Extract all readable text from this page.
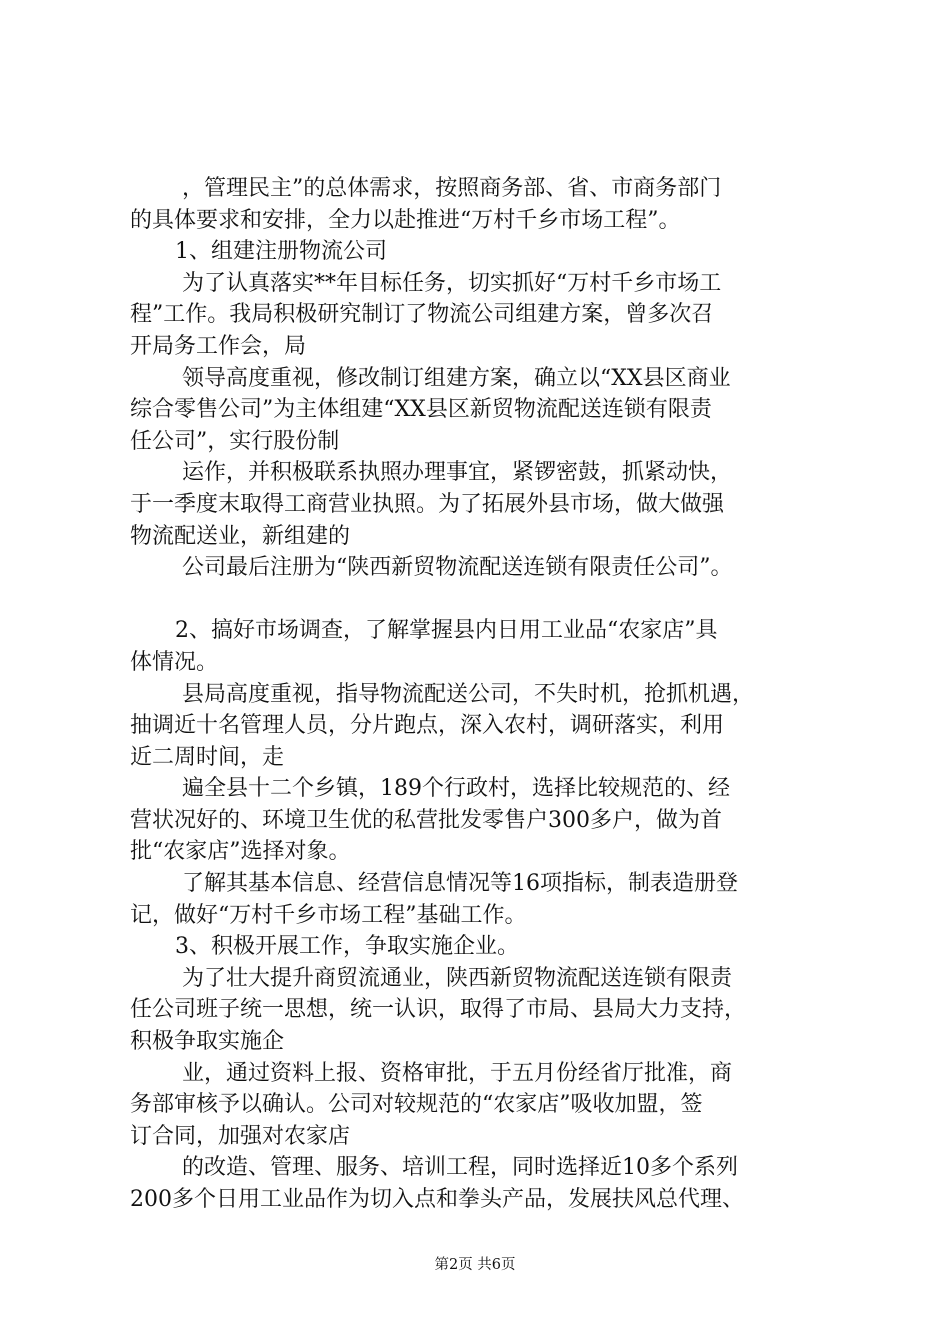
，管理民主”的总体需求，按照商务部、省、市商务部门
的具体要求和安排，全力以赴推进“万村千乡市场工程”。
1、组建注册物流公司
为了认真落实**年目标任务，切实抓好“万村千乡市场工
程”工作。我局积极研究制订了物流公司组建方案，曾多次召
开局务工作会，局
领导高度重视，修改制订组建方案，确立以“XX县区商业
综合零售公司”为主体组建“XX县区新贸物流配送连锁有限责
任公司”，实行股份制
运作，并积极联系执照办理事宜，紧锣密鼓，抓紧动快，
于一季度末取得工商营业执照。为了拓展外县市场，做大做强
物流配送业，新组建的
公司最后注册为“陕西新贸物流配送连锁有限责任公司”。
2、搞好市场调查，了解掌握县内日用工业品“农家店”具
体情况。
县局高度重视，指导物流配送公司，不失时机，抢抓机遇，
抽调近十名管理人员，分片跑点，深入农村，调研落实，利用
近二周时间，走
遍全县十二个乡镇，189个行政村，选择比较规范的、经
营状况好的、环境卫生优的私营批发零售户300多户，做为首
批“农家店”选择对象。
了解其基本信息、经营信息情况等16项指标，制表造册登
记，做好“万村千乡市场工程”基础工作。
3、积极开展工作，争取实施企业。
为了壮大提升商贸流通业，陕西新贸物流配送连锁有限责
任公司班子统一思想，统一认识，取得了市局、县局大力支持，
积极争取实施企
业，通过资料上报、资格审批，于五月份经省厅批准，商
务部审核予以确认。公司对较规范的“农家店”吸收加盟，签
订合同，加强对农家店
的改造、管理、服务、培训工程，同时选择近10多个系列
200多个日用工业品作为切入点和拳头产品，发展扶风总代理、
第2页 共6页
